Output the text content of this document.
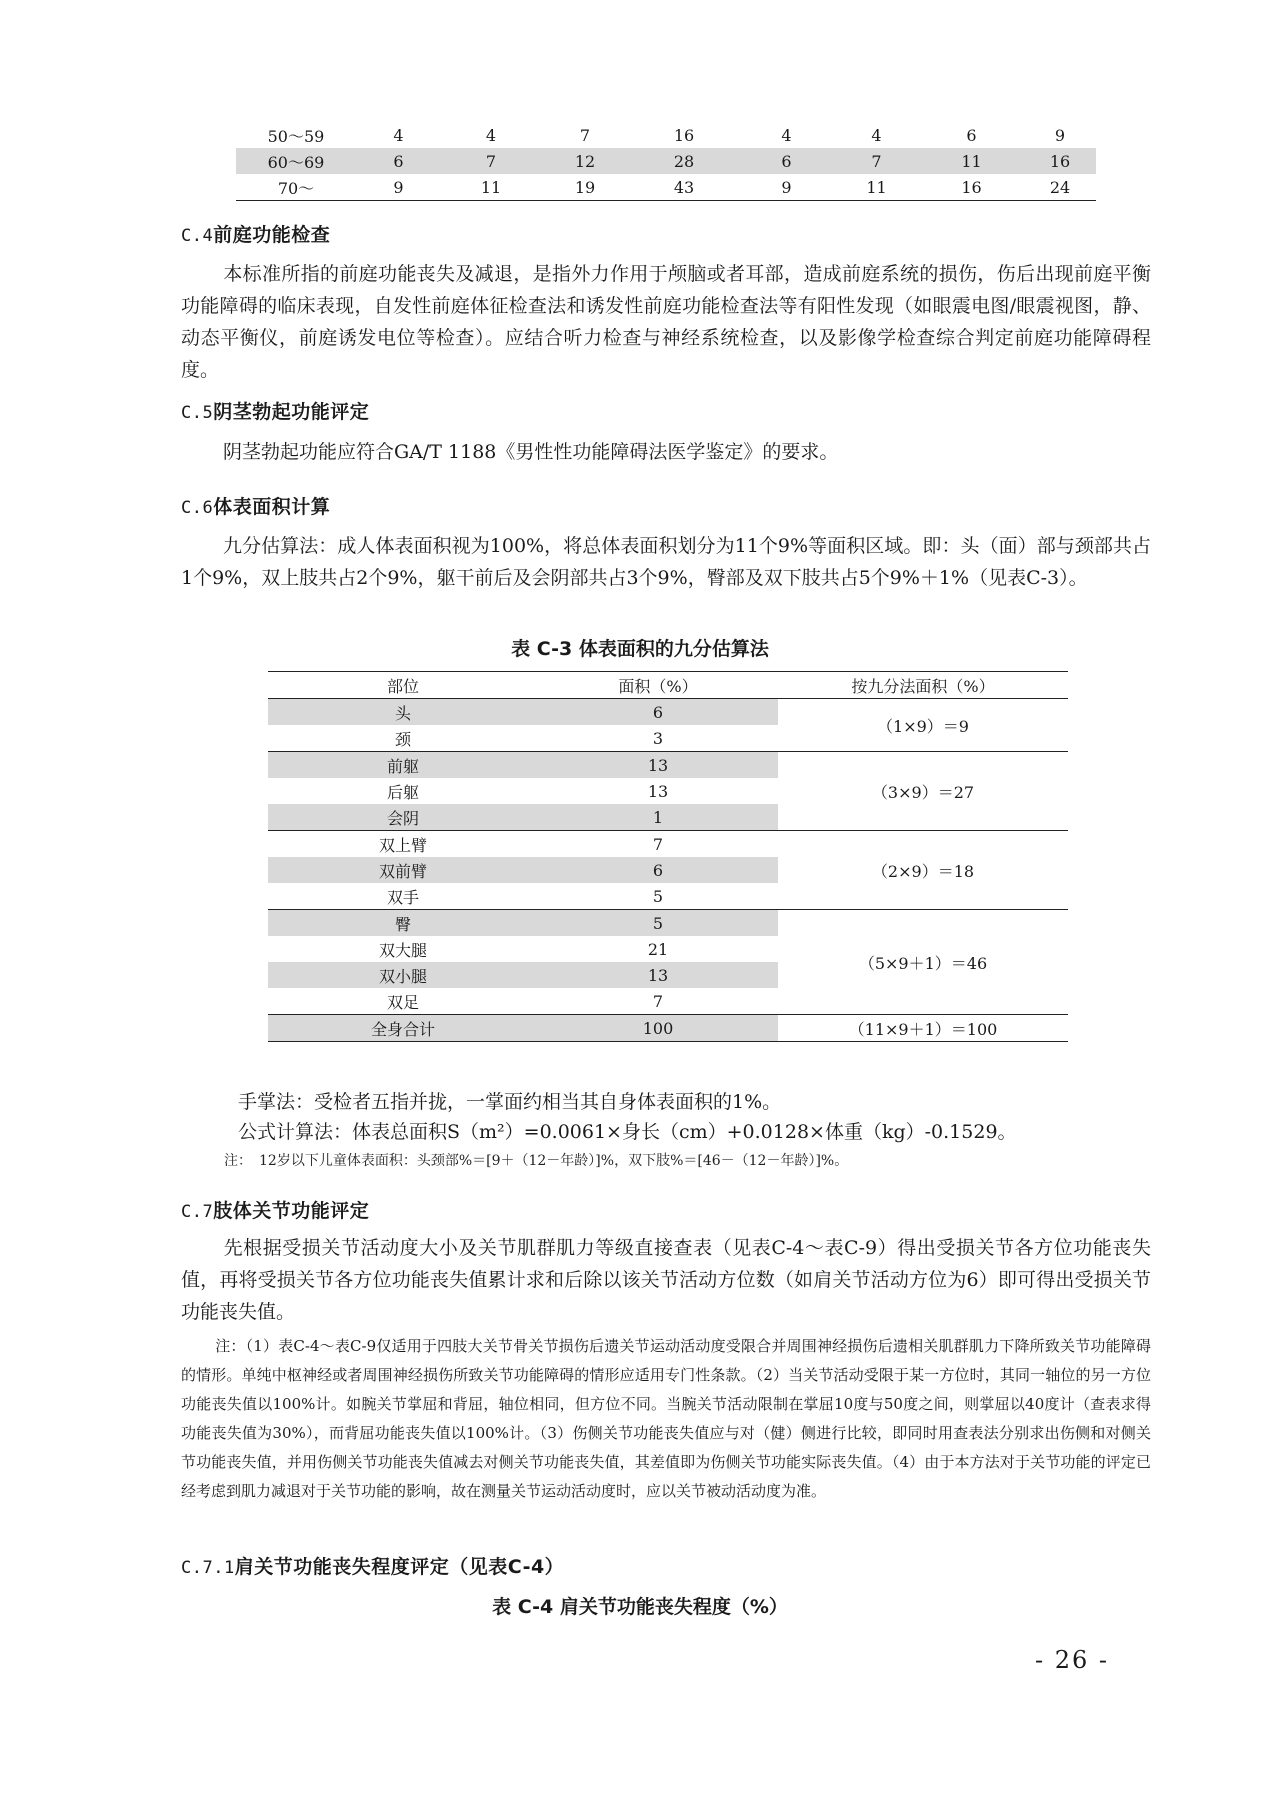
50～59	4	4	7	16	4	4	6	9
60～69	6	7	12	28	6	7	11	16
70～	9	11	19	43	9	11	16	24
C.4前庭功能检查

本标准所指的前庭功能丧失及减退，是指外力作用于颅脑或者耳部，造成前庭系统的损伤，伤后出现前庭平衡功能障碍的临床表现，自发性前庭体征检查法和诱发性前庭功能检查法等有阳性发现（如眼震电图/眼震视图，静、动态平衡仪，前庭诱发电位等检查）。应结合听力检查与神经系统检查，以及影像学检查综合判定前庭功能障碍程度。

C.5阴茎勃起功能评定

阴茎勃起功能应符合GA/T 1188《男性性功能障碍法医学鉴定》的要求。

C.6体表面积计算

九分估算法：成人体表面积视为100%，将总体表面积划分为11个9%等面积区域。即：头（面）部与颈部共占1个9%，双上肢共占2个9%，躯干前后及会阴部共占3个9%，臀部及双下肢共占5个9%＋1%（见表C-3）。

表 C-3 体表面积的九分估算法
部位	面积（%）	按九分法面积（%）
头	6	（1×9）＝9
颈	3	
前躯	13	（3×9）＝27
后躯	13	
会阴	1	
双上臂	7	（2×9）＝18
双前臂	6	
双手	5	
臀	5	（5×9＋1）＝46
双大腿	21	
双小腿	13	
双足	7	
全身合计	100	（11×9＋1）＝100
手掌法：受检者五指并拢，一掌面约相当其自身体表面积的1%。
公式计算法：体表总面积S（m²）=0.0061×身长（cm）+0.0128×体重（kg）-0.1529。
注：　12岁以下儿童体表面积：头颈部%＝[9＋（12－年龄）]%，双下肢%＝[46－（12－年龄）]%。
C.7肢体关节功能评定

先根据受损关节活动度大小及关节肌群肌力等级直接查表（见表C-4～表C-9）得出受损关节各方位功能丧失值，再将受损关节各方位功能丧失值累计求和后除以该关节活动方位数（如肩关节活动方位为6）即可得出受损关节功能丧失值。

注：（1）表C-4～表C-9仅适用于四肢大关节骨关节损伤后遗关节运动活动度受限合并周围神经损伤后遗相关肌群肌力下降所致关节功能障碍的情形。单纯中枢神经或者周围神经损伤所致关节功能障碍的情形应适用专门性条款。（2）当关节活动受限于某一方位时，其同一轴位的另一方位功能丧失值以100%计。如腕关节掌屈和背屈，轴位相同，但方位不同。当腕关节活动限制在掌屈10度与50度之间，则掌屈以40度计（查表求得功能丧失值为30%），而背屈功能丧失值以100%计。（3）伤侧关节功能丧失值应与对（健）侧进行比较，即同时用查表法分别求出伤侧和对侧关节功能丧失值，并用伤侧关节功能丧失值减去对侧关节功能丧失值，其差值即为伤侧关节功能实际丧失值。（4）由于本方法对于关节功能的评定已经考虑到肌力减退对于关节功能的影响，故在测量关节运动活动度时，应以关节被动活动度为准。

C.7.1肩关节功能丧失程度评定（见表C-4）
表 C-4 肩关节功能丧失程度（%）
- 26 -
